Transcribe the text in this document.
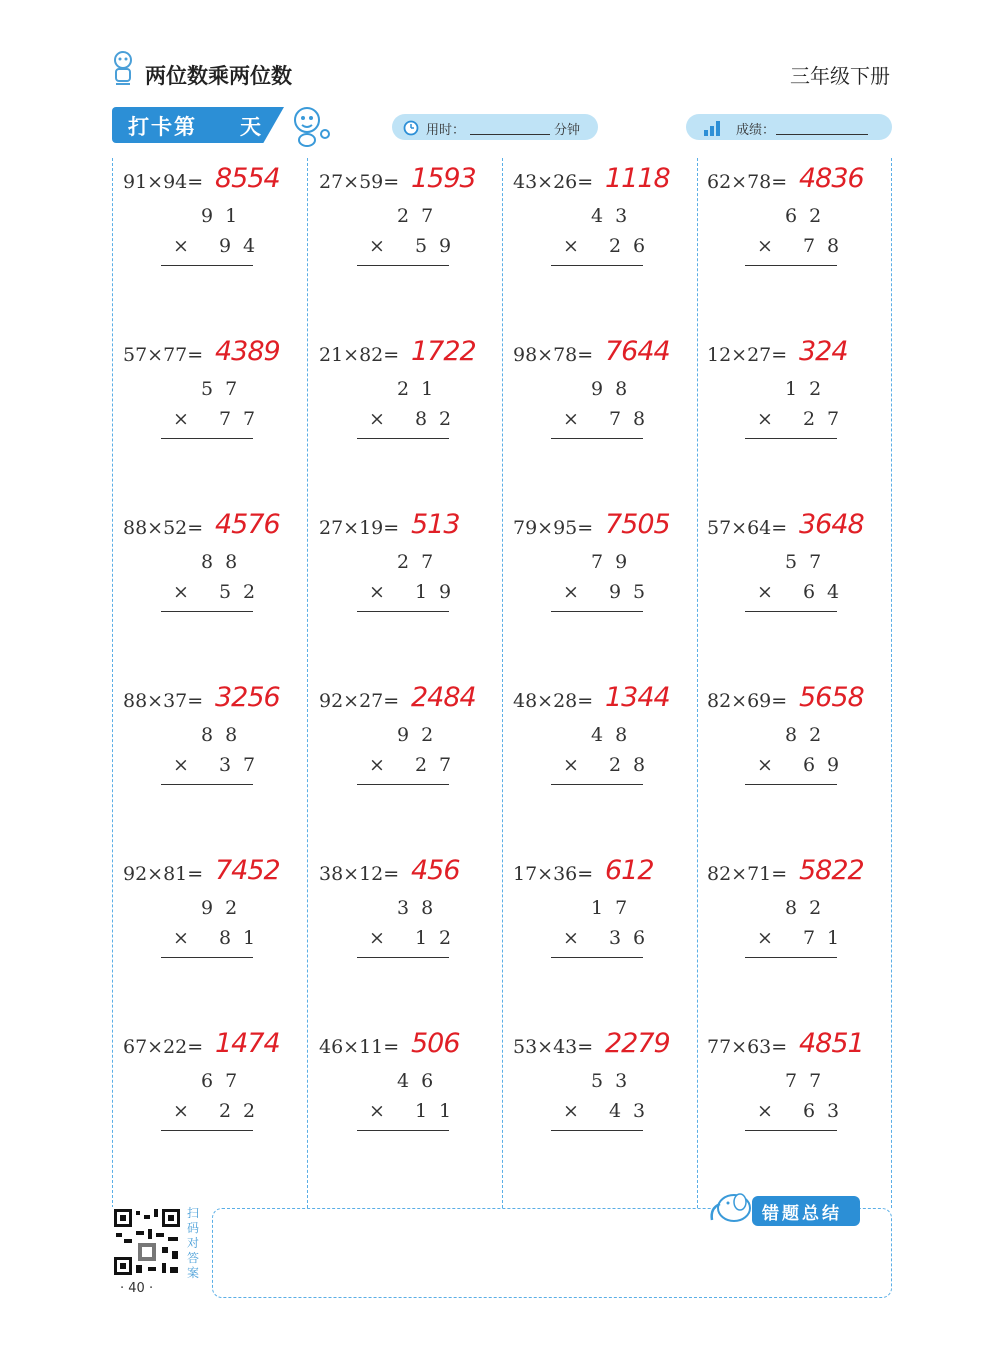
两位数乘两位数	三年级下册
打卡第 天	用时：	分钟	成绩：
91×94= 8554
91
× 94
57×77= 4389
57
× 77
88×52= 4576
88
× 52
88×37= 3256
88
× 37
92×81= 7452
92
× 81
67×22= 1474
67
× 22
27×59= 1593
27
× 59
21×82= 1722
21
× 82
27×19= 513
27
× 19
92×27= 2484
92
× 27
38×12= 456
38
× 12
46×11= 506
46
× 11
43×26= 1118
43
× 26
98×78= 7644
98
× 78
79×95= 7505
79
× 95
48×28= 1344
48
× 28
17×36= 612
17
× 36
53×43= 2279
53
× 43
62×78= 4836
62
× 78
12×27= 324
12
× 27
57×64= 3648
57
× 64
82×69= 5658
82
× 69
82×71= 5822
82
× 71
77×63= 4851
77
× 63
扫码对答案
· 40 ·
错题总结
